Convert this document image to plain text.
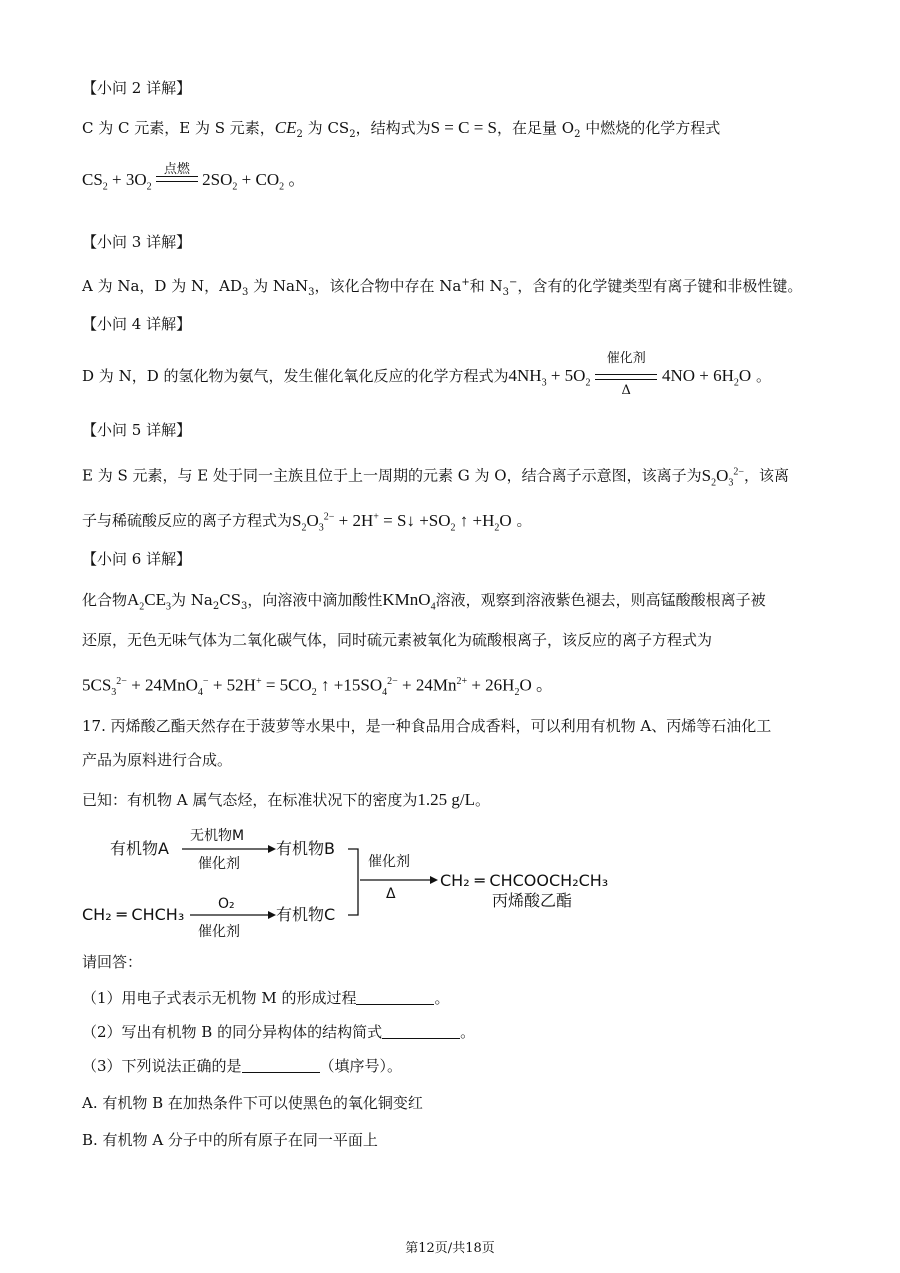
【小问 2 详解】
C 为 C 元素，E 为 S 元素，$CE_2$ 为 $CS_2$，结构式为S = C = S，在足量 $O_2$ 中燃烧的化学方程式
$CS_2 + 3O_2$
点燃
$2SO_2 + CO_2$ 。
【小问 3 详解】
A 为 Na，D 为 N，$AD_3$ 为 NaN$_3$，该化合物中存在 Na+和 $N_3^-$，含有的化学键类型有离子键和非极性键。
【小问 4 详解】
D 为 N，D 的氢化物为氨气，发生催化氧化反应的化学方程式为$4NH_3 + 5O_2$
催化剂
Δ
$4NO + 6H_2O$ 。
【小问 5 详解】
E 为 S 元素，与 E 处于同一主族且位于上一周期的元素 G 为 O，结合离子示意图，该离子为$S_2O_3^{2-}$，该离
子与稀硫酸反应的离子方程式为$S_2O_3^{2-} + 2H^+$ = S↓ $+SO_2$ ↑ $+H_2O$ 。
【小问 6 详解】
化合物$A_2CE_3$为 $Na_2CS_3$，向溶液中滴加酸性KMnO$_4$溶液，观察到溶液紫色褪去，则高锰酸酸根离子被
还原，无色无味气体为二氧化碳气体，同时硫元素被氧化为硫酸根离子，该反应的离子方程式为
$5CS_3^{2-} + 24MnO_4^- + 52H^+ = 5CO_2$ ↑ $+15SO_4^{2-} + 24Mn^{2+} + 26H_2O$ 。
17. 丙烯酸乙酯天然存在于菠萝等水果中，是一种食品用合成香料，可以利用有机物 A、丙烯等石油化工
产品为原料进行合成。
已知：有机物 A 属气态烃，在标准状况下的密度为1.25 g/L。
有机物A
无机物M
催化剂
有机物B
CH₂ ═ CHCH₃
O₂
催化剂
有机物C
催化剂
Δ
CH₂ ═ CHCOOCH₂CH₃
丙烯酸乙酯
请回答：
（1）用电子式表示无机物 M 的形成过程	。
（2）写出有机物 B 的同分异构体的结构简式	。
（3）下列说法正确的是	（填序号）。
A. 有机物 B 在加热条件下可以使黑色的氧化铜变红
B. 有机物 A 分子中的所有原子在同一平面上
第12页/共18页
